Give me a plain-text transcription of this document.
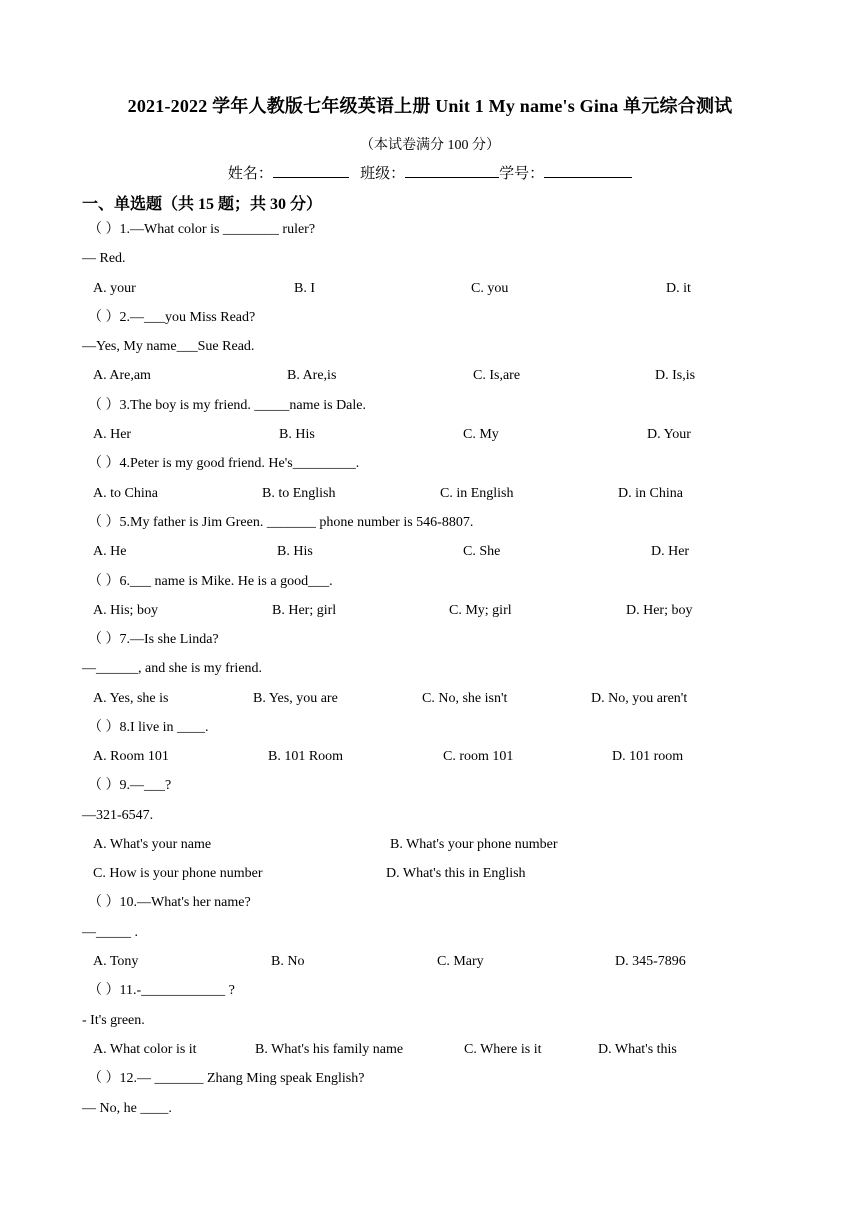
2021-2022 学年人教版七年级英语上册 Unit 1 My name's Gina 单元综合测试
（本试卷满分 100 分）
姓名：	班级：	学号：
一、单选题（共 15 题；共 30 分）
（ ）1.—What color is ________ ruler?
— Red.
A. your	B. I	C. you	D. it
（ ）2.—___you Miss Read?
—Yes, My name___Sue Read.
A. Are,am	B. Are,is	C. Is,are	D. Is,is
（ ）3.The boy is my friend. _____name is Dale.
A. Her	B. His	C. My	D. Your
（ ）4.Peter is my good friend. He's_________.
A. to China	B. to English	C. in English	D. in China
（ ）5.My father is Jim Green. _______ phone number is 546-8807.
A. He	B. His	C. She	D. Her
（ ）6.___ name is Mike. He is a good___.
A. His; boy	B. Her; girl	C. My; girl	D. Her; boy
（ ）7.—Is she Linda?
—______, and she is my friend.
A. Yes, she is	B. Yes, you are	C. No, she isn't	D. No, you aren't
（ ）8.I live in ____.
A. Room 101	B. 101 Room	C. room 101	D. 101 room
（ ）9.—___?
—321-6547.
A. What's your name	B. What's your phone number
C. How is your phone number	D. What's this in English
（ ）10.—What's her name?
—_____ .
A. Tony	B. No	C. Mary	D. 345-7896
（ ）11.-____________ ?
- It's green.
A. What color is it	B. What's his family name	C. Where is it	D. What's this
（ ）12.— _______ Zhang Ming speak English?
— No, he ____.
